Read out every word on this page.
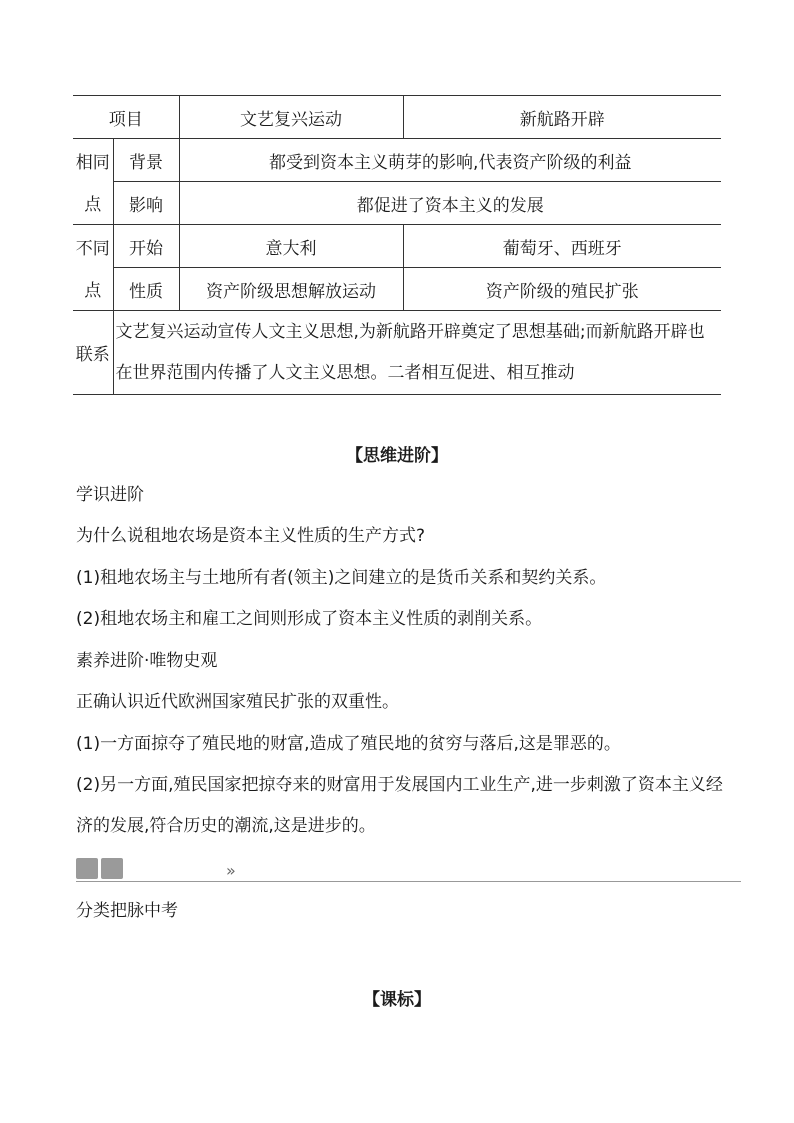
项目		文艺复兴运动	新航路开辟
相同	背景	都受到资本主义萌芽的影响,代表资产阶级的利益	
点	影响	都促进了资本主义的发展	
不同	开始	意大利	葡萄牙、西班牙
点	性质	资产阶级思想解放运动	资产阶级的殖民扩张
联系	文艺复兴运动宣传人文主义思想,为新航路开辟奠定了思想基础;而新航路开辟也在世界范围内传播了人文主义思想。二者相互促进、相互推动		
【思维进阶】
学识进阶
为什么说租地农场是资本主义性质的生产方式?
(1)租地农场主与土地所有者(领主)之间建立的是货币关系和契约关系。
(2)租地农场主和雇工之间则形成了资本主义性质的剥削关系。
素养进阶·唯物史观
正确认识近代欧洲国家殖民扩张的双重性。
(1)一方面掠夺了殖民地的财富,造成了殖民地的贫穷与落后,这是罪恶的。
(2)另一方面,殖民国家把掠夺来的财富用于发展国内工业生产,进一步刺激了资本主义经济的发展,符合历史的潮流,这是进步的。
»
分类把脉中考
【课标】
